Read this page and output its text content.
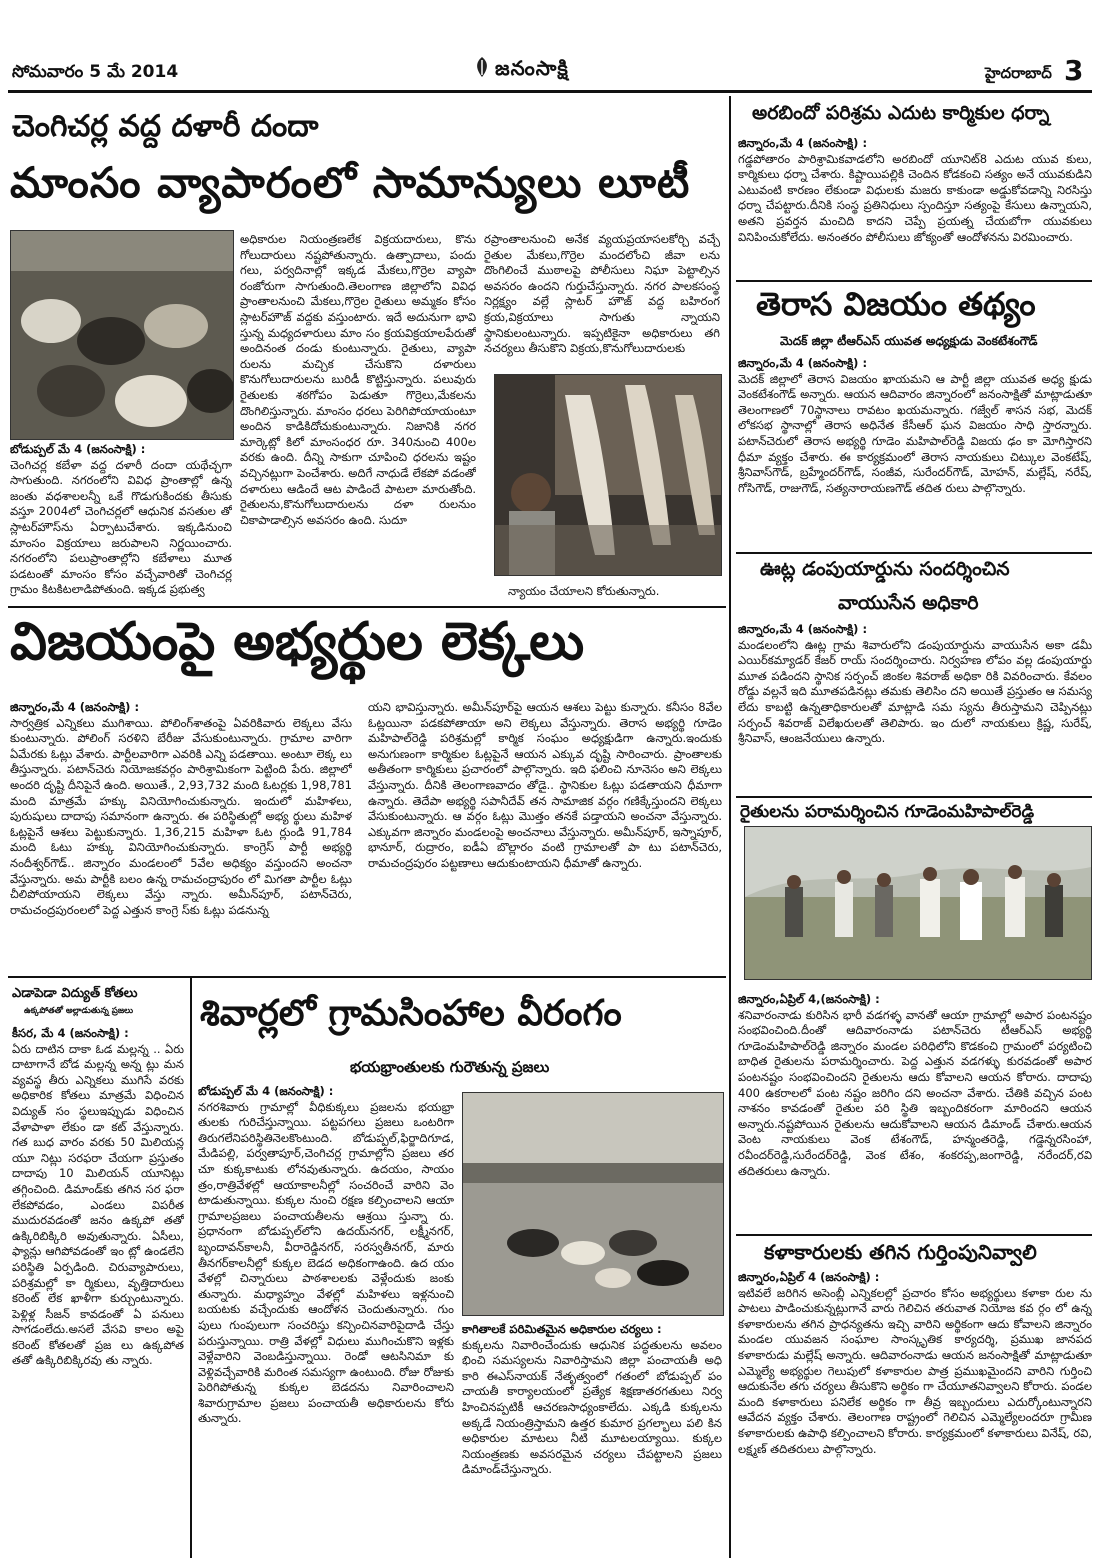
సోమవారం 5 మే 2014	జనంసాక్షి	హైదరాబాద్ 3
చెంగిచర్ల వద్ద దళారీ దందా
మాంసం వ్యాపారంలో సామాన్యులు లూటీ
బోడుప్పల్ మే 4 (జనంసాక్షి) :
చెంగిచర్ల కబేళా వద్ద దళారీ దందా యథేచ్ఛగా సాగుతుంది. నగరంలోని వివిధ ప్రాంతాల్లో ఉన్న జంతు వధశాలలన్నీ ఒకే గొడుగుకిందకు తీసుకు వస్తూ 2004లో చెంగిచర్లలో ఆధునిక వసతుల తో స్లాటర్‌హౌస్‌ను ఏర్పాటుచేశారు. ఇక్కడినుంచి మాంసం విక్రయాలు జరుపాలని నిర్ణయించారు. నగరంలోని పలుప్రాంతాల్లోని కబేళాలు మూత పడటంతో మాంసం కోసం వచ్చేవారితో చెంగిచర్ల గ్రామం కిటకిటలాడిపోతుంది. ఇక్కడ ప్రభుత్వ
అధికారుల నియంత్రణలేక విక్రయదారులు, కొను గోలుదారులు నష్టపోతున్నారు. ఉత్పాదాలు, పందు గలు, పర్వదినాల్లో ఇక్కడ మేకలు,గొర్రెల వ్యాపా రంజోరుగా సాగుతుంది.తెలంగాణ జిల్లాలోని వివిధ ప్రాంతాలనుంచి మేకలు,గొర్రెల రైతులు అమ్మకం కోసం స్లాటర్‌హౌజ్ వద్దకు వస్తుంటారు. ఇదే అదునుగా భావి స్తున్న మధ్యదళారులు మాం సం క్రయవిక్రయాలపేరుతో అందినంత దండు కుంటున్నారు. రైతులు, వ్యాపా రులను మచ్చిక చేసుకొని దళారులు కొనుగోలుదారులను బురిడీ కొట్టిస్తున్నారు. పలువురు రైతులకు శఠగోపం పెడుతూ గొర్రెలు,మేకలను దొంగిలిస్తున్నారు. మాంసం ధరలు పెరిగిపోయాయంటూ అందిన కాడికిదోచుకుంటున్నారు. నిజానికి నగర మార్కెట్లో కిలో మాంసంధర రూ. 340నుంచి 400ల వరకు ఉంది. దీన్ని సాకుగా చూపించి ధరలను ఇష్టం వచ్చినట్లుగా పెంచేశారు. అదిగే నాధుడే లేకపో వడంతో దళారులు ఆడిందే ఆట పాడిందే పాటలా మారుతోంది. రైతులను,కొనుగోలుదారులను దళా రులనుం చికాపాడాల్సిన అవసరం ఉంది. సుదూ
రప్రాంతాలనుంచి అనేక వ్యయప్రయాసలకోర్చి వచ్చే రైతుల మేకలు,గొర్రెల మందలోంచి జీవా లను దొంగిలించే ముఠాలపై పోలీసులు నిఘా పెట్టాల్సిన అవసరం ఉందని గుర్తుచేస్తున్నారు. నగర పాలకసంస్థ నిర్లక్ష్యం వల్లే స్లాటర్ హౌజ్ వద్ద బహిరంగ క్రయ,విక్రయాలు సాగుతు న్నాయని స్థానికులంటున్నారు. ఇప్పటికైనా అధికారులు తగి నచర్యలు తీసుకొని విక్రయ,కొనుగోలుదారులకు
న్యాయం చేయాలని కోరుతున్నారు.
విజయంపై అభ్యర్థుల లెక్కలు
జిన్నారం,మే 4 (జనంసాక్షి) :
సార్వత్రిక ఎన్నికలు ముగిశాయి. పోలింగ్‌శాతంపై ఏవరికివారు లెక్కలు వేసు కుంటున్నారు. పోలింగ్ సరళిని బేరీజు వేసుకుంటున్నారు. గ్రామాల వారిగా ఏమేరకు ఓట్లు వేశారు. పార్టీలవారిగా ఎవరికి ఎన్ని పడతాయి. అంటూ లెక్క లు తీస్తున్నారు. పటాన్‌చెరు నియోజకవర్గం పారిశ్రామికంగా పెట్టింది పేరు. జిల్లాలో అందరి దృష్టి దీనిపైనే ఉంది. అయితే., 2,93,732 మంది ఓటర్లకు 1,98,781 మంది మాత్రమే హక్కు వినియోగించుకున్నారు. ఇందులో మహిళలు, పురుషులు దాదాపు సమానంగా ఉన్నారు. ఈ పరిస్థితుల్లో అభ్య ర్థులు మహిళ ఓట్లపైనే ఆశలు పెట్టుకున్నారు. 1,36,215 మహిళా ఓట ర్లుండి 91,784 మంది ఓటు హక్కు వినియోగించుకున్నారు. కాంగ్రెస్ పార్టీ అభ్యర్థి నందీశ్వర్‌గౌడ్.. జిన్నారం మండలంలో 5వేల అధిక్యం వస్తుందని అంచనా వేస్తున్నారు. అమ పార్టీకి బలం ఉన్న రామచంద్రాపురం లో మిగతా పార్టీల ఓట్లు చీలిపోయాయని లెక్కలు వేస్తు న్నారు. అమీన్‌పూర్, పటాన్‌చెరు, రామచంద్రపురంలలో పెద్ద ఎత్తున కాంగ్రె స్‌కు ఓట్లు పడనున్న
యని భావిస్తున్నారు. అమీన్‌పూర్‌పై ఆయన ఆశలు పెట్టు కున్నారు. కనీసం 8వేల ఓట్లయినా పడకపోతాయా అని లెక్కలు వేస్తున్నారు. తెరాస అభ్యర్థి గూడెం మహిపాల్‌రెడ్డి పరిశ్రమల్లో కార్మిక సంఘం అధ్యక్షుడిగా ఉన్నారు.ఇందుకు అనుగుణంగా కార్మికుల ఓట్లపైనే ఆయన ఎక్కువ దృష్టి సారించారు. ప్రాంతాలకు అతీతంగా కార్మికులు ప్రచారంలో పాల్గొన్నారు. ఇది ఫలించి నూనెసం అని లెక్కలు వేస్తున్నారు. దీనికి తెలంగాణవాదం తోడై.. స్థానికుల ఓట్లు పడతాయని ధీమాగా ఉన్నారు. తెదేపా అభ్యర్థి సపానీదేవ్ తన సామాజిక వర్గం గణిక్కేస్తుందని లెక్కలు వేసుకుంటున్నారు. ఆ వర్గం ఓట్లు మొత్తం తనకే పడ్తాయని అంచనా వేస్తున్నారు. ఎక్కువగా జిన్నారం మండలంపై అంచనాలు వేస్తున్నారు. అమీన్‌పూర్, ఇస్నాపూర్, భానూర్, రుద్రారం, ఐడీఏ బొల్లారం వంటి గ్రామాలతో పా టు పటాన్‌చెరు, రామచంద్రపురం పట్టణాలు ఆదుకుంటాయని ధీమాతో ఉన్నారు.
ఎడాపెడా విద్యుత్ కోతలు
ఉక్కపోతతో అల్లాడుతున్న ప్రజలు
కీసర, మే 4 (జనంసాక్షి) :
ఏరు దాటిన దాకా ఓడ మల్లన్న .. ఏరు దాటాగానే బోడ మల్లన్న అన్న ట్లు మన వ్యవస్థ తీరు ఎన్నికలు ముగిసే వరకు అధికారిక కోతలు మాత్రమే విధించిన విద్యుత్ సం స్థలుఇప్పుడు విధించిన వేళాపాళా లేకుం డా కట్ వేస్తున్నారు. గత బుధ వారం వరకు 50 మిలియన్ల యూ నిట్లు సరఫరా చేయగా ప్రస్తుతం దాదాపు 10 మిలియన్ యూనిట్లు తగ్గించింది. డిమాండ్‌కు తగిన సర ఫరా లేకపోవడం, ఎండలు విపరీత ముదురవడంతో జనం ఉక్కపో తతో ఉక్కిరిబిక్కిరి అవుతున్నారు. ఏసీలు, ఫ్యాన్లు ఆగిపోవడంతో ఇం ట్లో ఉండలేని పరిస్థితి ఏర్పడింది. చిరువ్యాపారులు, పరిశ్రమల్లో కా ర్మికులు, వృత్తిదారులు కరెంట్ లేక ఖాళీగా కుర్చుంటున్నారు. పెళ్లిళ్ల సీజన్ కావడంతో ఏ పనులు సాగడంలేదు.అసలే వేసవి కాలం అపై కరెంట్ కోతలతో ప్రజ లు ఉక్కపోత తతో ఉక్కిరిబిక్కిరవు తు న్నారు.
శివార్లలో గ్రామసింహాల వీరంగం
భయభ్రాంతులకు గురౌతున్న ప్రజలు
బోడుప్పల్ మే 4 (జనంసాక్షి) :
నగరశివారు గ్రామాల్లో వీధికుక్కలు ప్రజలను భయభ్రా తులకు గురిచేస్తున్నాయి. పట్టపగలు ప్రజలు ఒంటరిగా తిరుగలేనిపరిస్థితినెలకొంటుంది. బోడుప్పల్,ఫిర్జాదిగూడ, మేడిపల్లి, పర్వతాపూర్,చెంగిచర్ల గ్రామాల్లోని ప్రజలు తర చూ కుక్కకాటుకు లోనవుతున్నారు. ఉదయం, సాయం త్రం,రాత్రివేళల్లో ఆయాకాలనీల్లో సంచరించే వారిని వెం టాడుతున్నాయి. కుక్కల నుంచి రక్షణ కల్పించాలని ఆయా గ్రామాలప్రజలు పంచాయతీలను ఆశ్రయి స్తున్నా రు. ప్రధానంగా బోడుప్పల్‌లోని ఉదయ్‌నగర్, లక్ష్మీనగర్, బృందావన్‌కాలనీ, వీరారెడ్డినగర్, సరస్వతీనగర్, మారు తీనగర్‌కాలనీల్లో కుక్కల బెడద అధికంగాఉంది. ఉద యం వేళల్లో చిన్నారులు పాఠశాలలకు వెళ్లేందుకు జంకు తున్నారు. మధ్యాహ్నం వేళల్లో మహిళలు ఇళ్లనుంచి బయటకు వచ్చేందుకు ఆందోళన చెందుతున్నారు. గుం పులు గుంపులుగా సంచరిస్తు కన్పించినవారిపైదాడి చేస్తు పరుస్తున్నాయి. రాత్రి వేళల్లో విధులు ముగించుకొని ఇళ్లకు వెళ్లేవారిని వెంబడిస్తున్నాయి. రెండో ఆటసినిమా కు వెళ్లివచ్చేవారికి మరింత సమస్యగా ఉంటుంది. రోజు రోజుకు పెరిగిపోతున్న కుక్కల బెడదను నివారించాలని శివారుగ్రామాల ప్రజలు పంచాయతీ అధికారులను కోరు తున్నారు.
కాగితాలకే పరిమితమైన అధికారుల చర్యలు :
కుక్కలను నివారించేందుకు ఆధునిక పద్ధతులను అవలం భించి సమస్యలను నివారిస్తామని జిల్లా పంచాయతీ అధి కారి ఈఎస్‌నాయక్ నేతృత్వంలో గతంలో బోడుప్పల్ పం చాయతీ కార్యాలయంలో ప్రత్యేక శిక్షణాతరగతులు నిర్వ హించినప్పటికీ ఆచరణసాధ్యంకాలేదు. ఎక్కడి కుక్కలను అక్కడే నియంత్రిస్తామని ఉత్తర కుమార ప్రగల్భాలు పలి కిన అధికారుల మాటలు నీటి మూటలయ్యాయి. కుక్కల నియంత్రణకు అవసరమైన చర్యలు చేపట్టాలని ప్రజలు డిమాండ్‌చేస్తున్నారు.
అరబిందో పరిశ్రమ ఎదుట కార్మికుల ధర్నా
జిన్నారం,మే 4 (జనంసాక్షి) :
గడ్డపోతారం పారిశ్రామికవాడలోని అరబిందో యూనిట్8 ఎదుట యువ కులు, కార్మికులు ధర్నా చేశారు. కిష్టాయిపల్లికి చెందిన కోడకంచి సత్యం అనే యువకుడిని ఎటువంటి కారణం లేకుండా విధులకు మజరు కాకుండా అడ్డుకోవడాన్ని నిరసిస్తు ధర్నా చేపట్టారు.దీనికి సంస్థ ప్రతినిధులు స్పందిస్తూ సత్యంపై కేసులు ఉన్నాయని, అతని ప్రవర్తన మంచిది కాదని చెప్పే ప్రయత్న చేయబోగా యువకులు వినిపించుకోలేదు. అనంతరం పోలీసులు జోక్యంతో ఆందోళనను విరమించారు.
తెరాస విజయం తథ్యం
మెదక్ జిల్లా టీఆర్ఎస్ యువత అధ్యక్షుడు వెంకటేశంగౌడ్
జిన్నారం,మే 4 (జనంసాక్షి) :
మెదక్ జిల్లాలో తెరాస విజయం ఖాయమని ఆ పార్టీ జిల్లా యువత అధ్య క్షుడు వెంకటేశంగౌడ్ అన్నారు. ఆయన ఆదివారం జిన్నారంలో జనంసాక్షితో మాట్లాడుతూ తెలంగాణలో 70స్థానాలు రావటం ఖయమన్నారు. గజ్వేల్ శాసన సభ, మెదక్ లోకసభ స్థానాల్లో తెరాస అధినేత కేసీఆర్ ఘన విజయం సాధి స్తారన్నారు. పటాన్‌చెరులో తెరాస అభ్యర్థి గూడెం మహిపాల్‌రెడ్డి విజయ ఢం కా మోగిస్తారని ధీమా వ్యక్తం చేశారు. ఈ కార్యక్రమంలో తెరాస నాయకులు చిట్కుల వెంకటేష్, శ్రీనివాస్‌గౌడ్, బ్రహ్మేందర్‌గౌడ్, సంజీవ, సురేందర్‌గౌడ్, మోహన్, మల్లేష్, నరేష్, గోసిగౌడ్, రాజుగౌడ్, సత్యనారాయణగౌడ్ తదిత రులు పాల్గొన్నారు.
ఊట్ల డంపుయార్డును సందర్శించిన
వాయుసేన అధికారి
జిన్నారం,మే 4 (జనంసాక్షి) :
మండలంలోని ఊట్ల గ్రామ శివారులోని డంపుయార్డును వాయుసేన అకా డమీ ఎయిర్‌కమ్యాడర్ కేజర్ రాయ్ సందర్శించారు. నిర్వహణ లోపం వల్ల డంపుయార్డు మూత పడిందని స్థానిక సర్పంచ్ జింకల శివరాజ్ అధికా రికి వివరించారు. కేవలం రోడ్డు వల్లనే ఇది మూతపడినట్లు తమకు తెలిసిం దని అయితే ప్రస్తుతం ఆ సమస్య లేదు కాబట్టి ఉన్నతాధికారులతో మాట్లాడి సమ స్యను తీరుస్తామని చెప్పినట్లు సర్పంచ్ శివరాజ్ విలేఖరులతో తెలిపారు. ఇం దులో నాయకులు క్రిష్ణ, సురేష్, శ్రీనివాస్, ఆంజనేయులు ఉన్నారు.
రైతులను పరామర్శించిన గూడెంమహిపాల్‌రెడ్డి
జిన్నారం,ఏప్రిల్ 4,(జనంసాక్షి) :
శనివారంనాడు కురిసిన భారీ వడగళ్ళ వానతో ఆయా గ్రామాల్లో అపార పంటనష్టం సంభవించింది.దీంతో ఆదివారంనాడు పటాన్‌చెరు టీఆర్‌ఎస్ అభ్యర్థి గూడెంమహిపాల్‌రెడ్డి జిన్నారం మండల పరిధిలోని కొడకంచి గ్రామంలో పర్యటించి బాధిత రైతులను పరామర్శించారు. పెద్ద ఎత్తున వడగళ్ళు కురవడంతో అపార పంటనష్టం సంభవించిందని రైతులను ఆదు కోవాలని ఆయన కోరారు. దాదాపు 400 ఉకరాలలో పంట నష్టం జరిగిం దని అంచనా వేశారు. చేతికి వచ్చిన పంట నాశనం కావడంతో రైతుల పరి స్థితి ఇబ్బందికరంగా మారిందని ఆయన అన్నారు.నష్టపోయిన రైతులను ఆదుకోవాలని ఆయన డిమాండ్ చేశారు.ఆయన వెంట నాయకులు వెంక టేశంగౌడ్, హన్మంతరెడ్డి, గడ్డెన్నరసింహా, రవీందర్‌రెడ్డి,సురేందర్‌రెడ్డి, వెంక టేశం, శంకరప్ప,జంగారెడ్డి, నరేందర్,రవి తదితరులు ఉన్నారు.
కళాకారులకు తగిన గుర్తింపునివ్వాలి
జిన్నారం,ఏప్రిల్ 4 (జనంసాక్షి) :
ఇటివలే జరిగిన అసెంబ్లీ ఎన్నికలల్లో ప్రచారం కోసం అభ్యర్థులు కళాకా రుల ను పాటలు పాడించుకున్నట్లుగానే వారు గెలిచిన తరువాత నియోజ కవ ర్గం లో ఉన్న కళాకారులను తగిన ప్రాధన్యతను ఇచ్చి వారిని అర్థికంగా ఆదు కోవాలని జిన్నారం మండల యువజన సంఘాల సాంస్కృతిక కార్యదర్శి, ప్రముఖ జానపద కళాకారుడు మల్లేష్ అన్నారు. ఆదివారంనాడు ఆయన జనంసాక్షితో మాట్లాడుతూ ఎమ్మెల్యే అభ్యర్థుల గెలుపులో కళాకారుల పాత్ర ప్రముఖమైందని వారిని గుర్తించి ఆదుకునేల తగు చర్యలు తీసుకొని అర్థికం గా చేయూతనివ్వాలని కోరారు. పండల మంది కళాకారులు పనిలేక అర్థికం గా తీవ్ర ఇబ్బందులు ఎదుర్కోంటున్నారని ఆవేదన వ్యక్తం చేశారు. తెలంగాణ రాష్ట్రంలో గెలిచిన ఎమ్మెల్యేలందరూ గ్రామీణ కళాకారులకు ఉపాధి కల్పించాలని కోరారు. కార్యక్రమంలో కళాకారులు వినేష్, రవి, లక్ష్మణ్ తదితరులు పాల్గొన్నారు.
